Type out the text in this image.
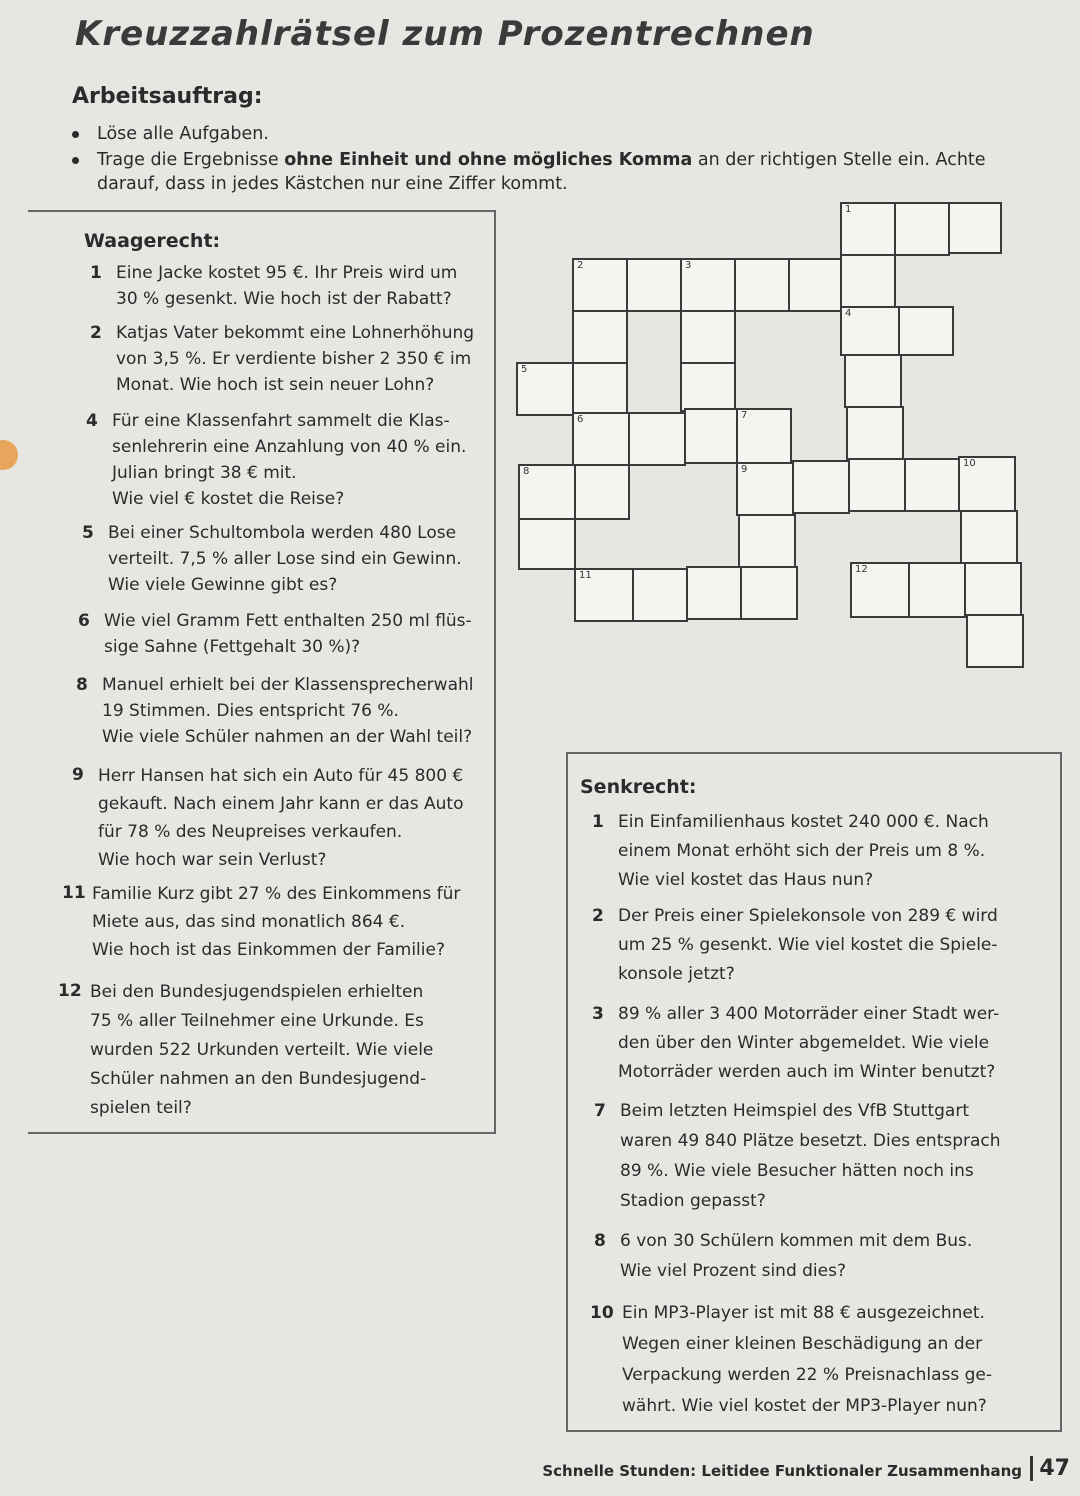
Kreuzzahlrätsel zum Prozentrechnen
Arbeitsauftrag:
Löse alle Aufgaben.
Trage die Ergebnisse ohne Einheit und ohne mögliches Komma an der richtigen Stelle ein. Achte darauf, dass in jedes Kästchen nur eine Ziffer kommt.
Waagerecht:
1 Eine Jacke kostet 95 €. Ihr Preis wird um
30 % gesenkt. Wie hoch ist der Rabatt?
2 Katjas Vater bekommt eine Lohnerhöhung
von 3,5 %. Er verdiente bisher 2 350 € im
Monat. Wie hoch ist sein neuer Lohn?
4 Für eine Klassenfahrt sammelt die Klas-
senlehrerin eine Anzahlung von 40 % ein.
Julian bringt 38 € mit.
Wie viel € kostet die Reise?
5 Bei einer Schultombola werden 480 Lose
verteilt. 7,5 % aller Lose sind ein Gewinn.
Wie viele Gewinne gibt es?
6 Wie viel Gramm Fett enthalten 250 ml flüs-
sige Sahne (Fettgehalt 30 %)?
8 Manuel erhielt bei der Klassensprecherwahl
19 Stimmen. Dies entspricht 76 %.
Wie viele Schüler nahmen an der Wahl teil?
9 Herr Hansen hat sich ein Auto für 45 800 €
gekauft. Nach einem Jahr kann er das Auto
für 78 % des Neupreises verkaufen.
Wie hoch war sein Verlust?
11 Familie Kurz gibt 27 % des Einkommens für
Miete aus, das sind monatlich 864 €.
Wie hoch ist das Einkommen der Familie?
12 Bei den Bundesjugendspielen erhielten
75 % aller Teilnehmer eine Urkunde. Es
wurden 522 Urkunden verteilt. Wie viele
Schüler nahmen an den Bundesjugend-
spielen teil?
1
2	3
4
5
6	7
8	9
10
11
12
Senkrecht:
1 Ein Einfamilienhaus kostet 240 000 €. Nach
einem Monat erhöht sich der Preis um 8 %.
Wie viel kostet das Haus nun?
2 Der Preis einer Spielekonsole von 289 € wird
um 25 % gesenkt. Wie viel kostet die Spiele-
konsole jetzt?
3 89 % aller 3 400 Motorräder einer Stadt wer-
den über den Winter abgemeldet. Wie viele
Motorräder werden auch im Winter benutzt?
7 Beim letzten Heimspiel des VfB Stuttgart
waren 49 840 Plätze besetzt. Dies entsprach
89 %. Wie viele Besucher hätten noch ins
Stadion gepasst?
8 6 von 30 Schülern kommen mit dem Bus.
Wie viel Prozent sind dies?
10 Ein MP3-Player ist mit 88 € ausgezeichnet.
Wegen einer kleinen Beschädigung an der
Verpackung werden 22 % Preisnachlass ge-
währt. Wie viel kostet der MP3-Player nun?
Schnelle Stunden: Leitidee Funktionaler Zusammenhang 47
